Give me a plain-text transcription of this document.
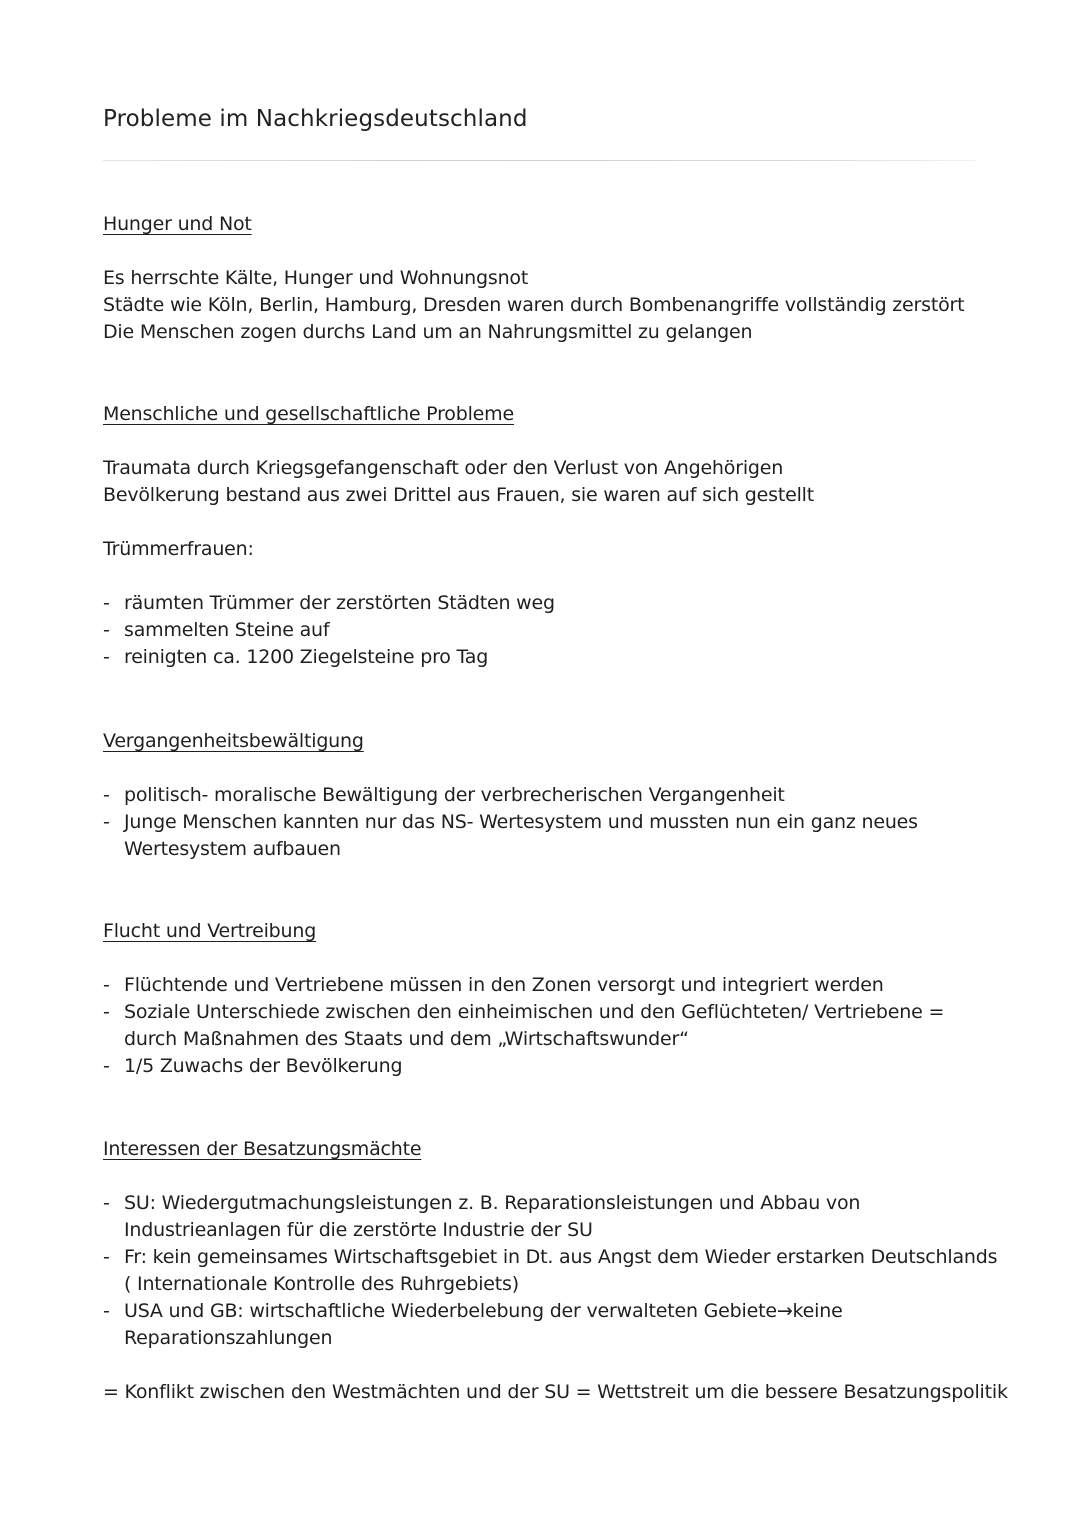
Probleme im Nachkriegsdeutschland
Hunger und Not
Es herrschte Kälte, Hunger und Wohnungsnot
Städte wie Köln, Berlin, Hamburg, Dresden waren durch Bombenangriffe vollständig zerstört
Die Menschen zogen durchs Land um an Nahrungsmittel zu gelangen
Menschliche und gesellschaftliche Probleme
Traumata durch Kriegsgefangenschaft oder den Verlust von Angehörigen
Bevölkerung bestand aus zwei Drittel aus Frauen, sie waren auf sich gestellt
Trümmerfrauen:
- räumten Trümmer der zerstörten Städten weg
- sammelten Steine auf
- reinigten ca. 1200 Ziegelsteine pro Tag
Vergangenheitsbewältigung
- politisch- moralische Bewältigung der verbrecherischen Vergangenheit
- Junge Menschen kannten nur das NS- Wertesystem und mussten nun ein ganz neues
Wertesystem aufbauen
Flucht und Vertreibung
- Flüchtende und Vertriebene müssen in den Zonen versorgt und integriert werden
- Soziale Unterschiede zwischen den einheimischen und den Geflüchteten/ Vertriebene =
durch Maßnahmen des Staats und dem „Wirtschaftswunder“
- 1/5 Zuwachs der Bevölkerung
Interessen der Besatzungsmächte
- SU: Wiedergutmachungsleistungen z. B. Reparationsleistungen und Abbau von
Industrieanlagen für die zerstörte Industrie der SU
- Fr: kein gemeinsames Wirtschaftsgebiet in Dt. aus Angst dem Wieder erstarken Deutschlands
( Internationale Kontrolle des Ruhrgebiets)
- USA und GB: wirtschaftliche Wiederbelebung der verwalteten Gebiete→keine
Reparationszahlungen
= Konflikt zwischen den Westmächten und der SU = Wettstreit um die bessere Besatzungspolitik
